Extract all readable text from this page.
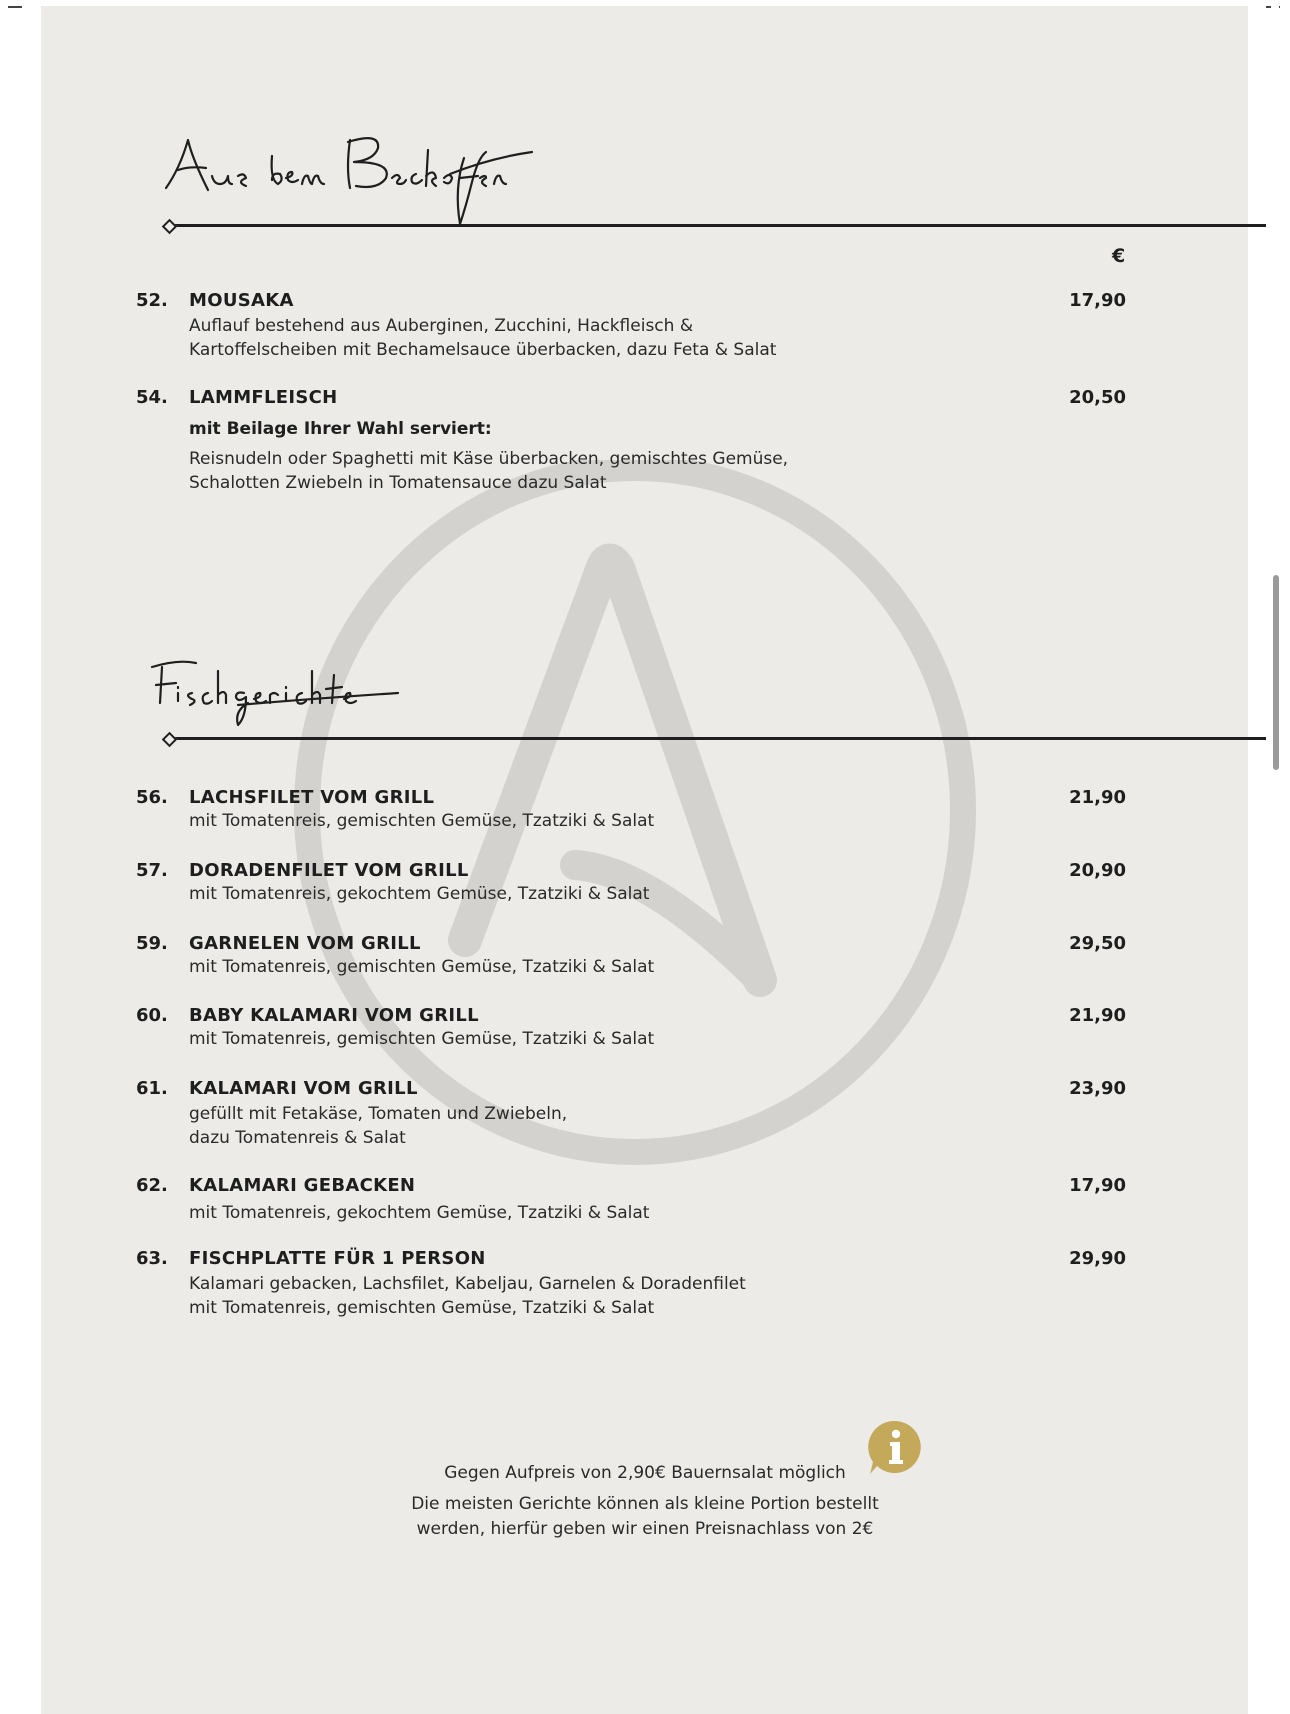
€
52. MOUSAKA	17,90
Auflauf bestehend aus Auberginen, Zucchini, Hackfleisch &
Kartoffelscheiben mit Bechamelsauce überbacken, dazu Feta & Salat
54. LAMMFLEISCH	20,50
mit Beilage Ihrer Wahl serviert:
Reisnudeln oder Spaghetti mit Käse überbacken, gemischtes Gemüse,
Schalotten Zwiebeln in Tomatensauce dazu Salat
56. LACHSFILET VOM GRILL	21,90
mit Tomatenreis, gemischten Gemüse, Tzatziki & Salat
57. DORADENFILET VOM GRILL	20,90
mit Tomatenreis, gekochtem Gemüse, Tzatziki & Salat
59. GARNELEN VOM GRILL	29,50
mit Tomatenreis, gemischten Gemüse, Tzatziki & Salat
60. BABY KALAMARI VOM GRILL	21,90
mit Tomatenreis, gemischten Gemüse, Tzatziki & Salat
61. KALAMARI VOM GRILL	23,90
gefüllt mit Fetakäse, Tomaten und Zwiebeln,
dazu Tomatenreis & Salat
62. KALAMARI GEBACKEN	17,90
mit Tomatenreis, gekochtem Gemüse, Tzatziki & Salat
63. FISCHPLATTE FÜR 1 PERSON	29,90
Kalamari gebacken, Lachsfilet, Kabeljau, Garnelen & Doradenfilet
mit Tomatenreis, gemischten Gemüse, Tzatziki & Salat
Gegen Aufpreis von 2,90€ Bauernsalat möglich
Die meisten Gerichte können als kleine Portion bestellt
werden, hierfür geben wir einen Preisnachlass von 2€
